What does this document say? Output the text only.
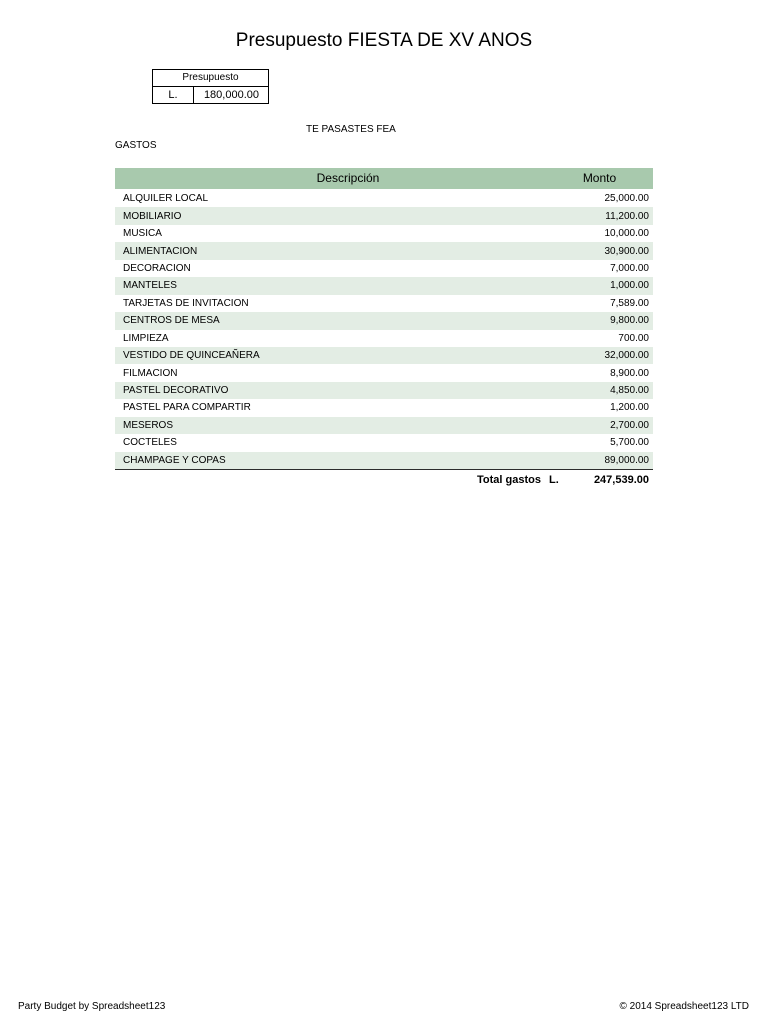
Presupuesto FIESTA DE XV ANOS
Presupuesto
L.	180,000.00
TE PASASTES FEA
GASTOS
Descripción	Monto
ALQUILER LOCAL	25,000.00
MOBILIARIO	11,200.00
MUSICA	10,000.00
ALIMENTACION	30,900.00
DECORACION	7,000.00
MANTELES	1,000.00
TARJETAS DE INVITACION	7,589.00
CENTROS DE MESA	9,800.00
LIMPIEZA	700.00
VESTIDO DE QUINCEAÑERA	32,000.00
FILMACION	8,900.00
PASTEL DECORATIVO	4,850.00
PASTEL PARA COMPARTIR	1,200.00
MESEROS	2,700.00
COCTELES	5,700.00
CHAMPAGE Y COPAS	89,000.00
Total gastos L.	247,539.00
Party Budget by Spreadsheet123	© 2014 Spreadsheet123 LTD
